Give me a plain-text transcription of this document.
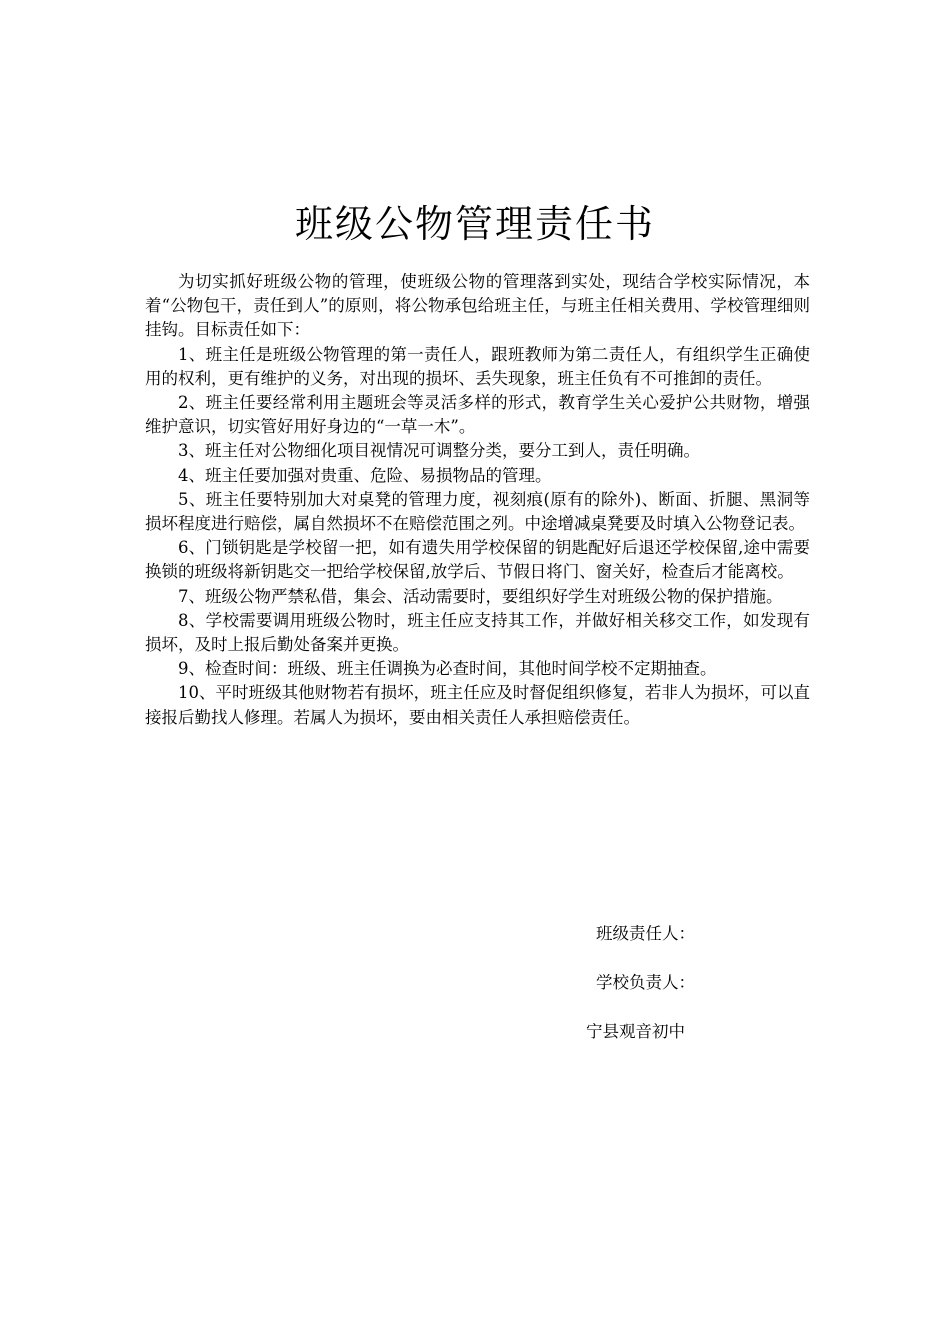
班级公物管理责任书

为切实抓好班级公物的管理，使班级公物的管理落到实处，现结合学校实际情况，本着“公物包干，责任到人”的原则，将公物承包给班主任，与班主任相关费用、学校管理细则挂钩。目标责任如下：

1、班主任是班级公物管理的第一责任人，跟班教师为第二责任人，有组织学生正确使用的权利，更有维护的义务，对出现的损坏、丢失现象，班主任负有不可推卸的责任。

2、班主任要经常利用主题班会等灵活多样的形式，教育学生关心爱护公共财物，增强维护意识，切实管好用好身边的“一草一木”。

3、班主任对公物细化项目视情况可调整分类，要分工到人，责任明确。

4、班主任要加强对贵重、危险、易损物品的管理。

5、班主任要特别加大对桌凳的管理力度，视刻痕(原有的除外)、断面、折腿、黑洞等损坏程度进行赔偿，属自然损坏不在赔偿范围之列。中途增减桌凳要及时填入公物登记表。

6、门锁钥匙是学校留一把，如有遗失用学校保留的钥匙配好后退还学校保留,途中需要换锁的班级将新钥匙交一把给学校保留,放学后、节假日将门、窗关好，检查后才能离校。

7、班级公物严禁私借，集会、活动需要时，要组织好学生对班级公物的保护措施。

8、学校需要调用班级公物时，班主任应支持其工作，并做好相关移交工作，如发现有损坏，及时上报后勤处备案并更换。

9、检查时间：班级、班主任调换为必查时间，其他时间学校不定期抽查。

10、平时班级其他财物若有损坏，班主任应及时督促组织修复，若非人为损坏，可以直接报后勤找人修理。若属人为损坏，要由相关责任人承担赔偿责任。

班级责任人：
学校负责人：
宁县观音初中
